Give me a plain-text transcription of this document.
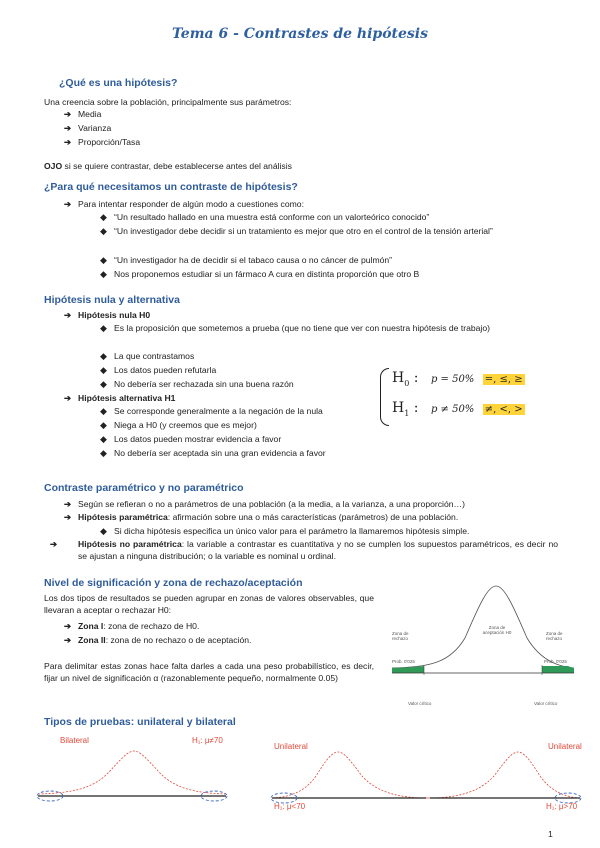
Tema 6 - Contrastes de hipótesis
¿Qué es una hipótesis?
Una creencia sobre la población, principalmente sus parámetros:
➔ Media
➔ Varianza
➔ Proporción/Tasa
OJO si se quiere contrastar, debe establecerse antes del análisis
¿Para qué necesitamos un contraste de hipótesis?
➔ Para intentar responder de algún modo a cuestiones como:
◆ “Un resultado hallado en una muestra está conforme con un valorteórico conocido”
◆ “Un investigador debe decidir si un tratamiento es mejor que otro en el control de la tensión arterial”
◆ “Un investigador ha de decidir si el tabaco causa o no cáncer de pulmón”
◆ Nos proponemos estudiar si un fármaco A cura en distinta proporción que otro B
Hipótesis nula y alternativa
➔ Hipótesis nula H0
◆ Es la proposición que sometemos a prueba (que no tiene que ver con nuestra hipótesis de trabajo)
◆ La que contrastamos
◆ Los datos pueden refutarla
◆ No debería ser rechazada sin una buena razón
➔ Hipótesis alternativa H1
◆ Se corresponde generalmente a la negación de la nula
◆ Niega a H0 (y creemos que es mejor)
◆ Los datos pueden mostrar evidencia a favor
◆ No debería ser aceptada sin una gran evidencia a favor
$H_0$ : p = 50% =, ≤, ≥
$H_1$ : p ≠ 50% ≠, <, >
Contraste paramétrico y no paramétrico
➔ Según se refieran o no a parámetros de una población (a la media, a la varianza, a una proporción…)
➔ Hipótesis paramétrica: afirmación sobre una o más características (parámetros) de una población.
◆ Si dicha hipótesis especifica un único valor para el parámetro la llamaremos hipótesis simple.
➔ Hipótesis no paramétrica: la variable a contrastar es cuantitativa y no se cumplen los supuestos paramétricos, es decir no se ajustan a ninguna distribución; o la variable es nominal u ordinal.
Nivel de significación y zona de rechazo/aceptación
Los dos tipos de resultados se pueden agrupar en zonas de valores observables, que llevaran a aceptar o rechazar H0:
➔ Zona I: zona de rechazo de H0.
➔ Zona II: zona de no rechazo o de aceptación.
Para delimitar estas zonas hace falta darles a cada una peso probabilístico, es decir, fijar un nivel de significación α (razonablemente pequeño, normalmente 0.05)
Zona de rechazo
Zona de aceptación H0	Zona de rechazo
Prob. 0'025	Prob. 0'025
Valor crítico	Valor crítico
Tipos de pruebas: unilateral y bilateral
Bilateral	H₁: μ≠70
Unilateral
H₁: μ<70
Unilateral
H₁: μ>70
1
